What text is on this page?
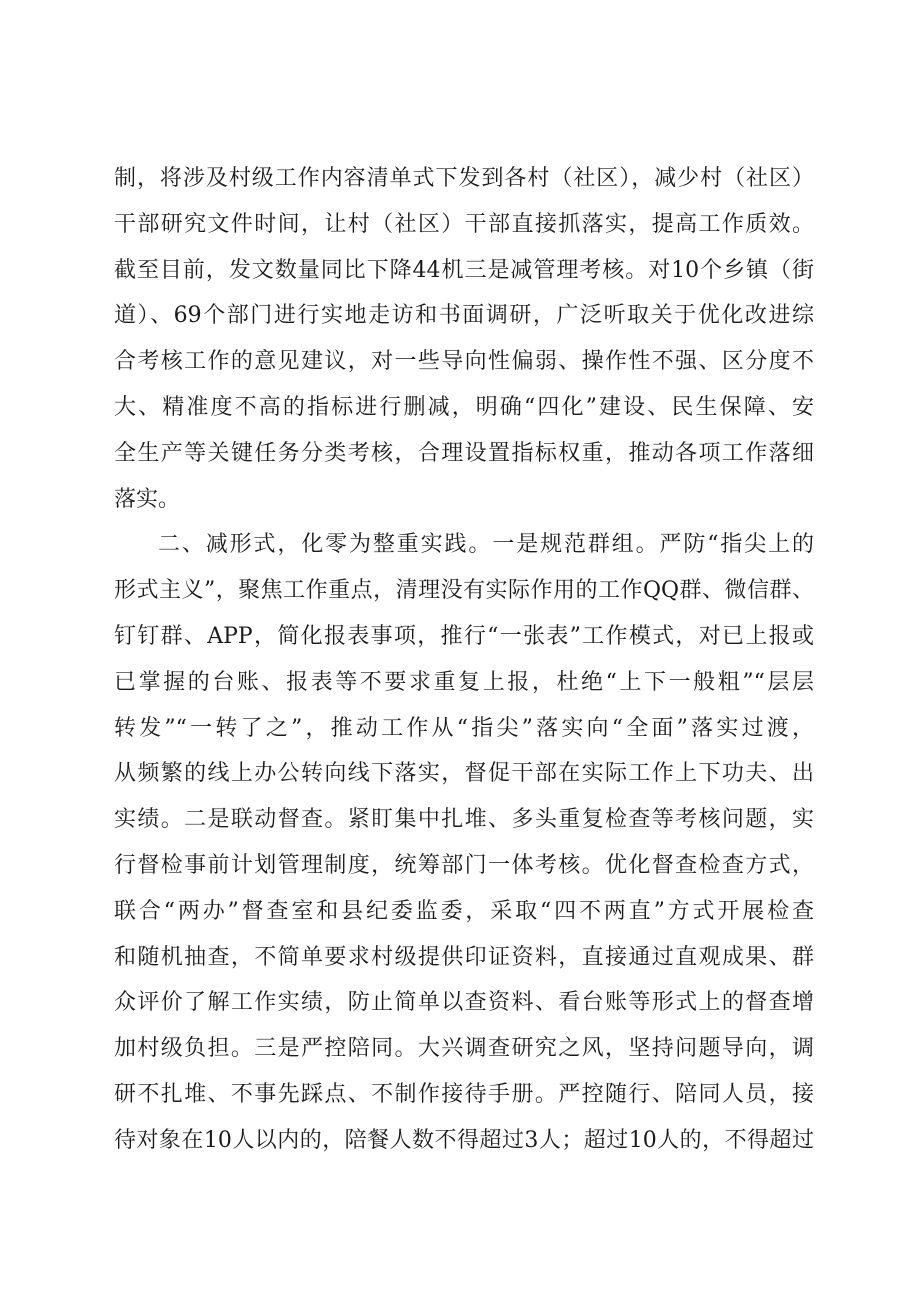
制，将涉及村级工作内容清单式下发到各村（社区），减少村（社区）
干部研究文件时间，让村（社区）干部直接抓落实，提高工作质效。
截至目前，发文数量同比下降44机三是减管理考核。对10个乡镇（街
道）、69个部门进行实地走访和书面调研，广泛听取关于优化改进综
合考核工作的意见建议，对一些导向性偏弱、操作性不强、区分度不
大、精准度不高的指标进行删减，明确“四化”建设、民生保障、安
全生产等关键任务分类考核，合理设置指标权重，推动各项工作落细
落实。
二、减形式，化零为整重实践。一是规范群组。严防“指尖上的
形式主义”，聚焦工作重点，清理没有实际作用的工作QQ群、微信群、
钉钉群、APP，简化报表事项，推行“一张表”工作模式，对已上报或
已掌握的台账、报表等不要求重复上报，杜绝“上下一般粗”“层层
转发”“一转了之”，推动工作从“指尖”落实向“全面”落实过渡，
从频繁的线上办公转向线下落实，督促干部在实际工作上下功夫、出
实绩。二是联动督查。紧盯集中扎堆、多头重复检查等考核问题，实
行督检事前计划管理制度，统筹部门一体考核。优化督查检查方式，
联合“两办”督查室和县纪委监委，采取“四不两直”方式开展检查
和随机抽查，不简单要求村级提供印证资料，直接通过直观成果、群
众评价了解工作实绩，防止简单以查资料、看台账等形式上的督查增
加村级负担。三是严控陪同。大兴调查研究之风，坚持问题导向，调
研不扎堆、不事先踩点、不制作接待手册。严控随行、陪同人员，接
待对象在10人以内的，陪餐人数不得超过3人；超过10人的，不得超过
